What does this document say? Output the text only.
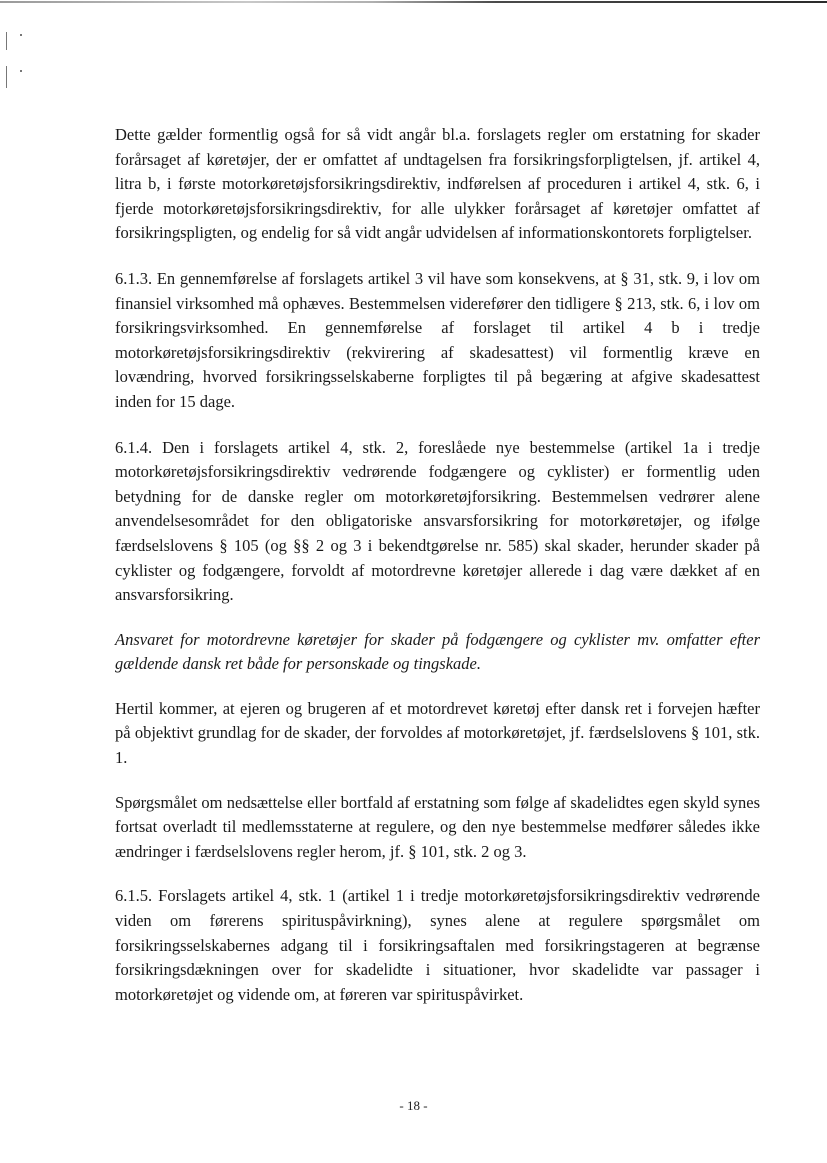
Dette gælder formentlig også for så vidt angår bl.a. forslagets regler om erstatning for skader forårsaget af køretøjer, der er omfattet af undtagelsen fra forsikringsforpligtelsen, jf. artikel 4, litra b, i første motorkøretøjsforsikringsdirektiv, indførelsen af proceduren i artikel 4, stk. 6, i fjerde motorkøretøjsforsikringsdirektiv, for alle ulykker forårsaget af køretøjer omfattet af forsikringspligten, og endelig for så vidt angår udvidelsen af informationskontorets forpligtelser.

6.1.3. En gennemførelse af forslagets artikel 3 vil have som konsekvens, at § 31, stk. 9, i lov om finansiel virksomhed må ophæves. Bestemmelsen viderefører den tidligere § 213, stk. 6, i lov om forsikringsvirksomhed. En gennemførelse af forslaget til artikel 4 b i tredje motorkøretøjsforsikringsdirektiv (rekvirering af skadesattest) vil formentlig kræve en lovændring, hvorved forsikringsselskaberne forpligtes til på begæring at afgive skadesattest inden for 15 dage.

6.1.4. Den i forslagets artikel 4, stk. 2, foreslåede nye bestemmelse (artikel 1a i tredje motorkøretøjsforsikringsdirektiv vedrørende fodgængere og cyklister) er formentlig uden betydning for de danske regler om motorkøretøjforsikring. Bestemmelsen vedrører alene anvendelsesområdet for den obligatoriske ansvarsforsikring for motorkøretøjer, og ifølge færdselslovens § 105 (og §§ 2 og 3 i bekendtgørelse nr. 585) skal skader, herunder skader på cyklister og fodgængere, forvoldt af motordrevne køretøjer allerede i dag være dækket af en ansvarsforsikring.

Ansvaret for motordrevne køretøjer for skader på fodgængere og cyklister mv. omfatter efter gældende dansk ret både for personskade og tingskade.

Hertil kommer, at ejeren og brugeren af et motordrevet køretøj efter dansk ret i forvejen hæfter på objektivt grundlag for de skader, der forvoldes af motorkøretøjet, jf. færdselslovens § 101, stk. 1.

Spørgsmålet om nedsættelse eller bortfald af erstatning som følge af skadelidtes egen skyld synes fortsat overladt til medlemsstaterne at regulere, og den nye bestemmelse medfører således ikke ændringer i færdselslovens regler herom, jf. § 101, stk. 2 og 3.

6.1.5. Forslagets artikel 4, stk. 1 (artikel 1 i tredje motorkøretøjsforsikringsdirektiv vedrørende viden om førerens spirituspåvirkning), synes alene at regulere spørgsmålet om forsikringsselskabernes adgang til i forsikringsaftalen med forsikringstageren at begrænse forsikringsdækningen over for skadelidte i situationer, hvor skadelidte var passager i motorkøretøjet og vidende om, at føreren var spirituspåvirket.

- 18 -
